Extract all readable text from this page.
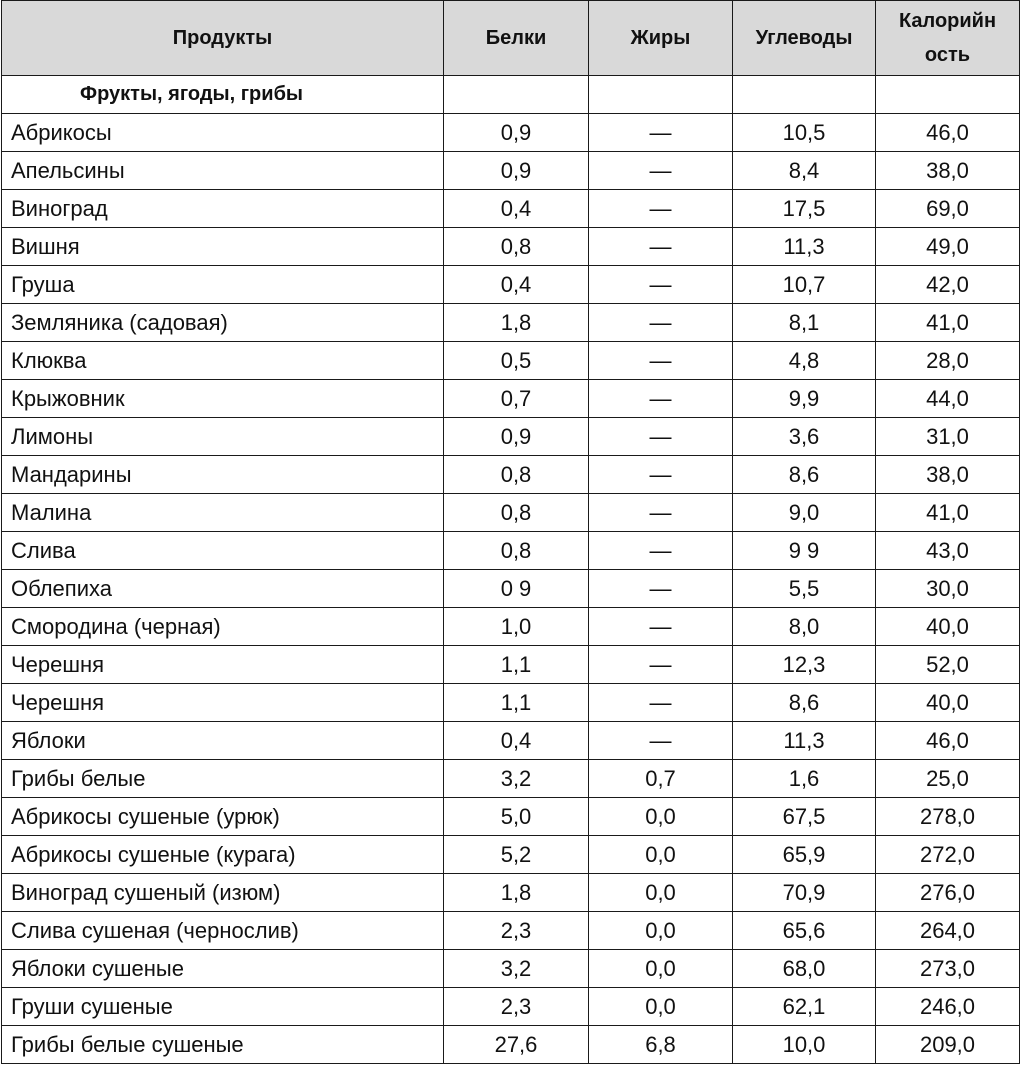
Продукты	Белки	Жиры	Углеводы	Калорийн ость
Фрукты, ягоды, грибы				
Абрикосы	0,9	—	10,5	46,0
Апельсины	0,9	—	8,4	38,0
Виноград	0,4	—	17,5	69,0
Вишня	0,8	—	11,3	49,0
Груша	0,4	—	10,7	42,0
Земляника (садовая)	1,8	—	8,1	41,0
Клюква	0,5	—	4,8	28,0
Крыжовник	0,7	—	9,9	44,0
Лимоны	0,9	—	3,6	31,0
Мандарины	0,8	—	8,6	38,0
Малина	0,8	—	9,0	41,0
Слива	0,8	—	9 9	43,0
Облепиха	0 9	—	5,5	30,0
Смородина (черная)	1,0	—	8,0	40,0
Черешня	1,1	—	12,3	52,0
Черешня	1,1	—	8,6	40,0
Яблоки	0,4	—	11,3	46,0
Грибы белые	3,2	0,7	1,6	25,0
Абрикосы сушеные (урюк)	5,0	0,0	67,5	278,0
Абрикосы сушеные (курага)	5,2	0,0	65,9	272,0
Виноград сушеный (изюм)	1,8	0,0	70,9	276,0
Слива сушеная (чернослив)	2,3	0,0	65,6	264,0
Яблоки сушеные	3,2	0,0	68,0	273,0
Груши сушеные	2,3	0,0	62,1	246,0
Грибы белые сушеные	27,6	6,8	10,0	209,0
